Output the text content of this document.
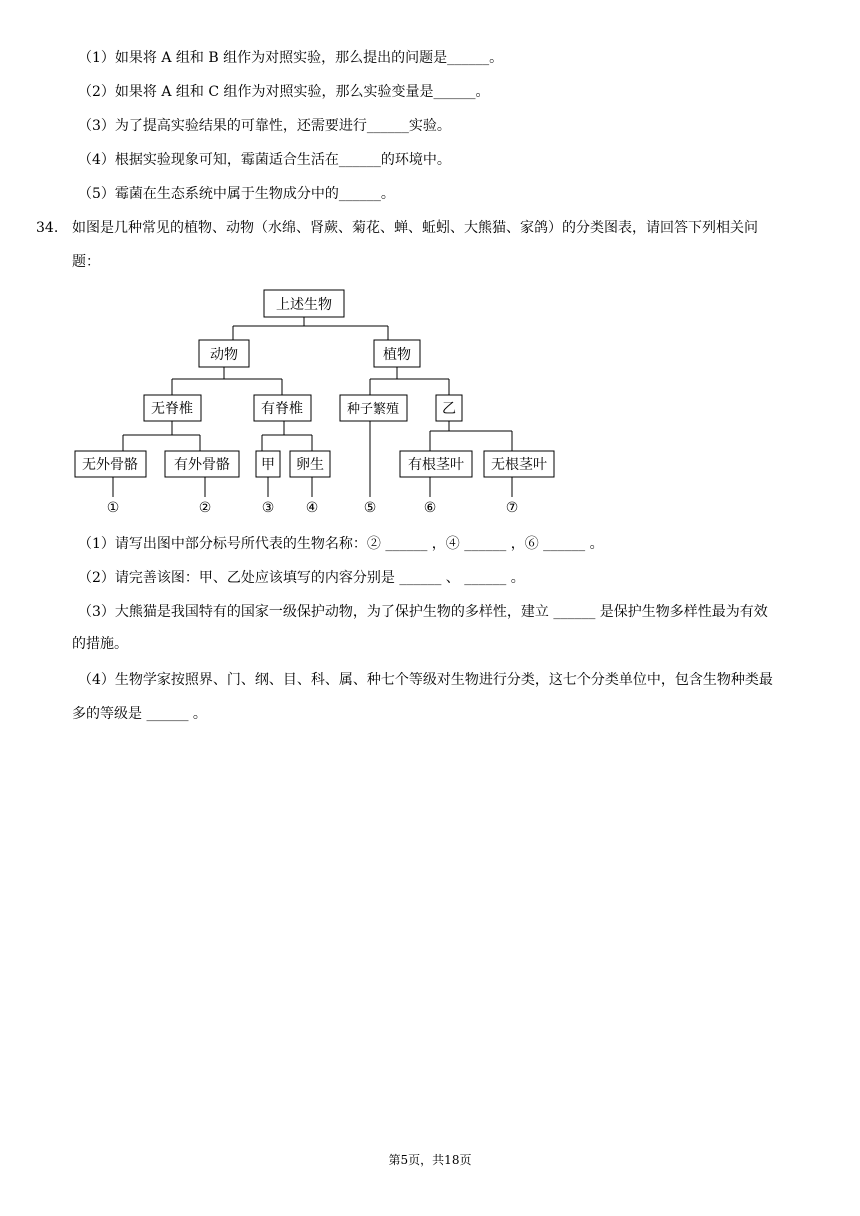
（1）如果将 A 组和 B 组作为对照实验，那么提出的问题是______。
（2）如果将 A 组和 C 组作为对照实验，那么实验变量是______。
（3）为了提高实验结果的可靠性，还需要进行______实验。
（4）根据实验现象可知，霉菌适合生活在______的环境中。
（5）霉菌在生态系统中属于生物成分中的______。
34. 如图是几种常见的植物、动物（水绵、肾蕨、菊花、蝉、蚯蚓、大熊猫、家鸽）的分类图表，请回答下列相关问
题：
上述生物
动物	植物
无脊椎	有脊椎	种子繁殖	乙
无外骨骼	有外骨骼 甲 卵生	有根茎叶 无根茎叶
①	②	③ ④	⑤	⑥	⑦
（1）请写出图中部分标号所代表的生物名称：② ______ ，④ ______ ，⑥ ______ 。
（2）请完善该图：甲、乙处应该填写的内容分别是 ______ 、 ______ 。
（3）大熊猫是我国特有的国家一级保护动物，为了保护生物的多样性，建立 ______ 是保护生物多样性最为有效
的措施。
（4）生物学家按照界、门、纲、目、科、属、种七个等级对生物进行分类，这七个分类单位中，包含生物种类最
多的等级是 ______ 。
第5页，共18页
